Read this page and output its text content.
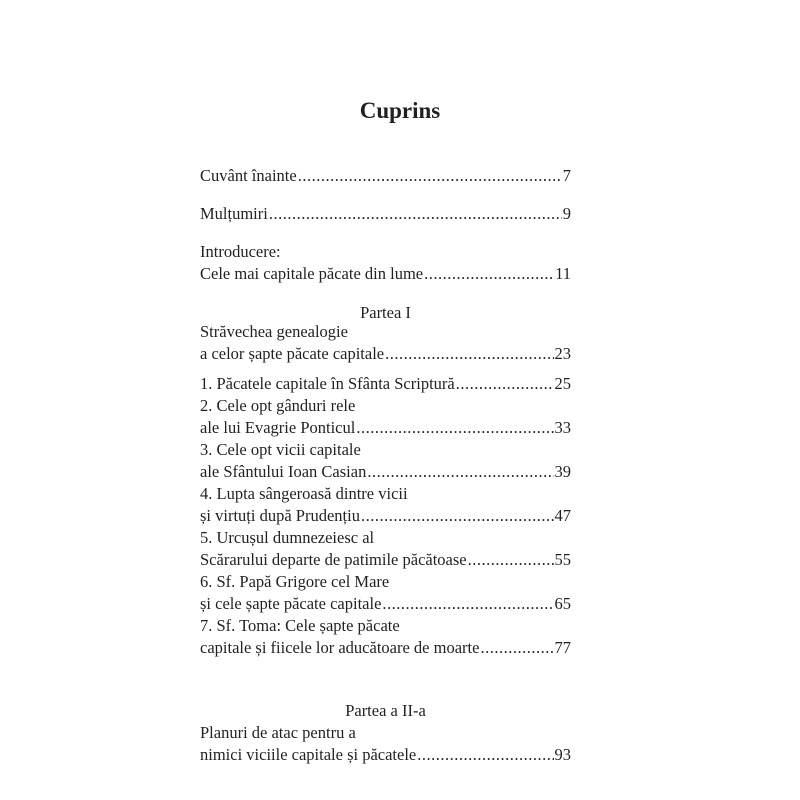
Cuprins
Cuvânt înainte .....	7
Mulțumiri .....	9
Introducere:
Cele mai capitale păcate din lume .....	11
Partea I
Străvechea genealogie
a celor șapte păcate capitale .....	23
1. Păcatele capitale în Sfânta Scriptură .....	25
2. Cele opt gânduri rele
ale lui Evagrie Ponticul .....	33
3. Cele opt vicii capitale
ale Sfântului Ioan Casian .....	39
4. Lupta sângeroasă dintre vicii
și virtuți după Prudențiu .....	47
5. Urcușul dumnezeiesc al
Scărarului departe de patimile păcătoase .....	55
6. Sf. Papă Grigore cel Mare
și cele șapte păcate capitale .....	65
7. Sf. Toma: Cele șapte păcate
capitale și fiicele lor aducătoare de moarte .....	77
Partea a II-a
Planuri de atac pentru a
nimici viciile capitale și păcatele .....	93
